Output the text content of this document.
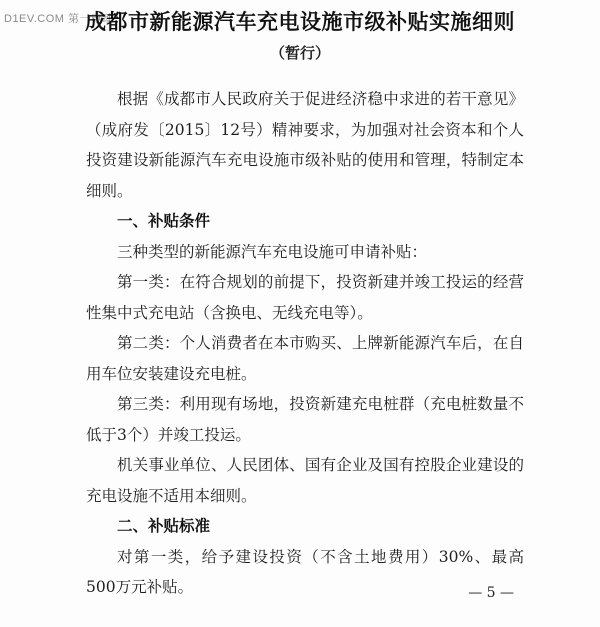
D1EV.COM 第一电动
成都市新能源汽车充电设施市级补贴实施细则
（暂行）

根据《成都市人民政府关于促进经济稳中求进的若干意见》（成府发〔2015〕12号）精神要求，为加强对社会资本和个人投资建设新能源汽车充电设施市级补贴的使用和管理，特制定本细则。

一、补贴条件

三种类型的新能源汽车充电设施可申请补贴：

第一类：在符合规划的前提下，投资新建并竣工投运的经营性集中式充电站（含换电、无线充电等）。

第二类：个人消费者在本市购买、上牌新能源汽车后，在自用车位安装建设充电桩。

第三类：利用现有场地，投资新建充电桩群（充电桩数量不低于3个）并竣工投运。

机关事业单位、人民团体、国有企业及国有控股企业建设的充电设施不适用本细则。

二、补贴标准

对第一类，给予建设投资（不含土地费用）30%、最高 500万元补贴。	— 5 —
